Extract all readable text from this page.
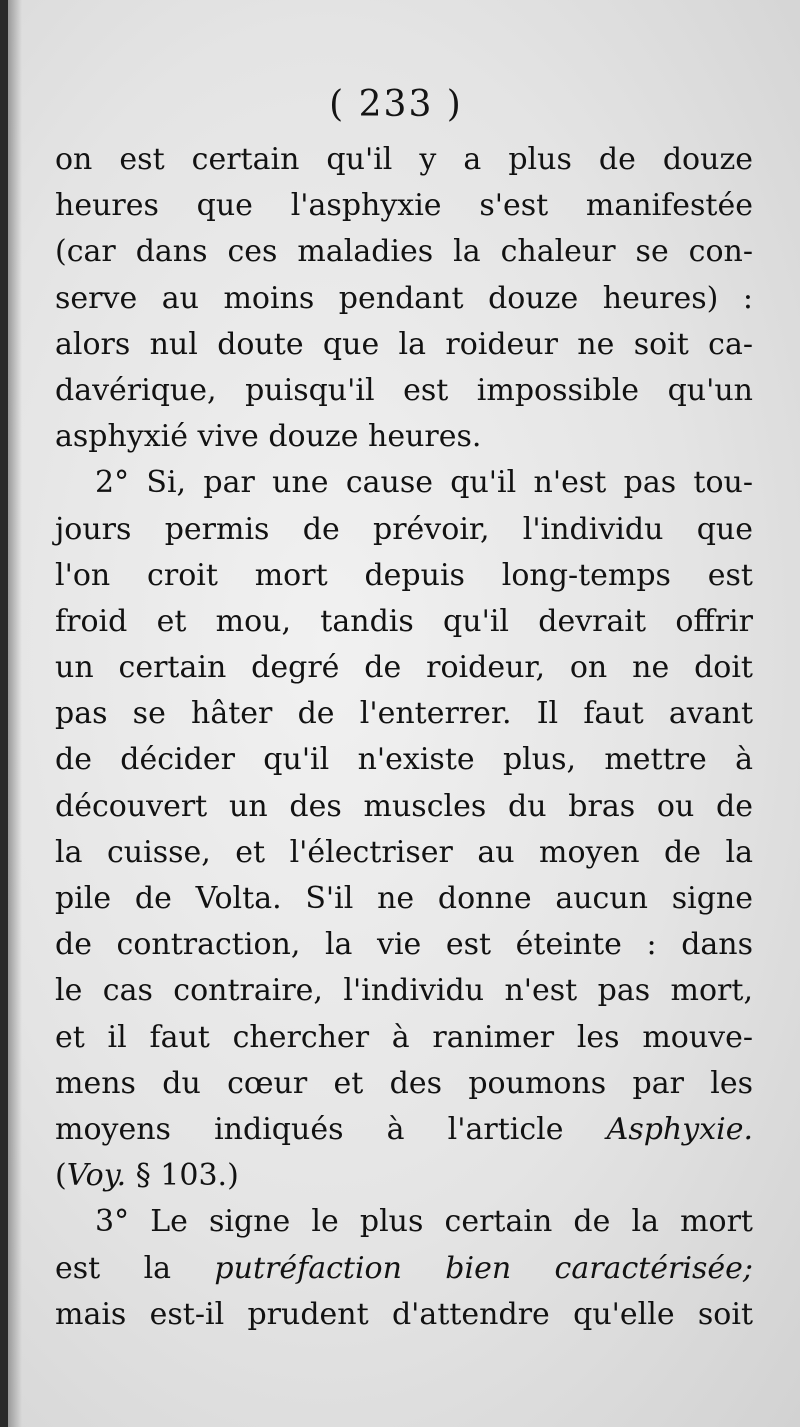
( 233 )
on est certain qu'il y a plus de douze
heures que l'asphyxie s'est manifestée
(car dans ces maladies la chaleur se con-
serve au moins pendant douze heures) :
alors nul doute que la roideur ne soit ca-
davérique, puisqu'il est impossible qu'un
asphyxié vive douze heures.
2° Si, par une cause qu'il n'est pas tou-
jours permis de prévoir, l'individu que
l'on croit mort depuis long-temps est
froid et mou, tandis qu'il devrait offrir
un certain degré de roideur, on ne doit
pas se hâter de l'enterrer. Il faut avant
de décider qu'il n'existe plus, mettre à
découvert un des muscles du bras ou de
la cuisse, et l'électriser au moyen de la
pile de Volta. S'il ne donne aucun signe
de contraction, la vie est éteinte : dans
le cas contraire, l'individu n'est pas mort,
et il faut chercher à ranimer les mouve-
mens du cœur et des poumons par les
moyens indiqués à l'article Asphyxie.
(Voy. § 103.)
3° Le signe le plus certain de la mort
est la putréfaction bien caractérisée;
mais est-il prudent d'attendre qu'elle soit
